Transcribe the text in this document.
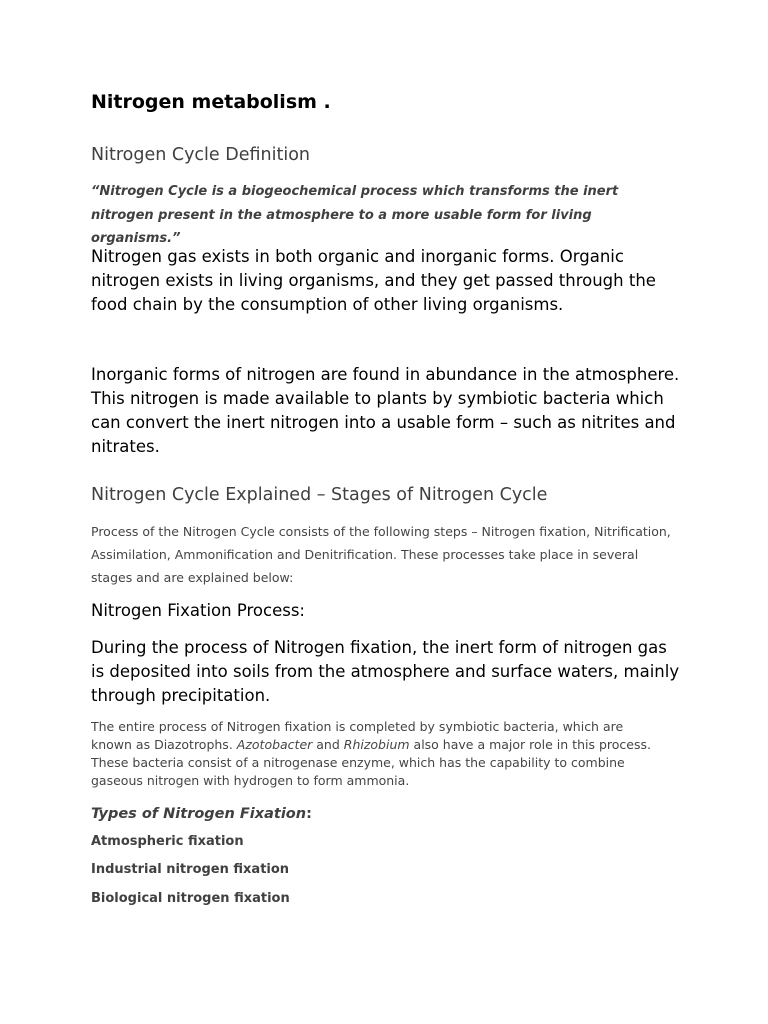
Nitrogen metabolism .
Nitrogen Cycle Definition

“Nitrogen Cycle is a biogeochemical process which transforms the inert nitrogen present in the atmosphere to a more usable form for living organisms.”

Nitrogen gas exists in both organic and inorganic forms. Organic nitrogen exists in living organisms, and they get passed through the food chain by the consumption of other living organisms.

Inorganic forms of nitrogen are found in abundance in the atmosphere. This nitrogen is made available to plants by symbiotic bacteria which can convert the inert nitrogen into a usable form – such as nitrites and nitrates.

Nitrogen Cycle Explained – Stages of Nitrogen Cycle

Process of the Nitrogen Cycle consists of the following steps – Nitrogen fixation, Nitrification, Assimilation, Ammonification and Denitrification. These processes take place in several stages and are explained below:

Nitrogen Fixation Process:

During the process of Nitrogen fixation, the inert form of nitrogen gas is deposited into soils from the atmosphere and surface waters, mainly through precipitation.

The entire process of Nitrogen fixation is completed by symbiotic bacteria, which are known as Diazotrophs. Azotobacter and Rhizobium also have a major role in this process. These bacteria consist of a nitrogenase enzyme, which has the capability to combine gaseous nitrogen with hydrogen to form ammonia.

Types of Nitrogen Fixation:

Atmospheric fixation

Industrial nitrogen fixation

Biological nitrogen fixation
